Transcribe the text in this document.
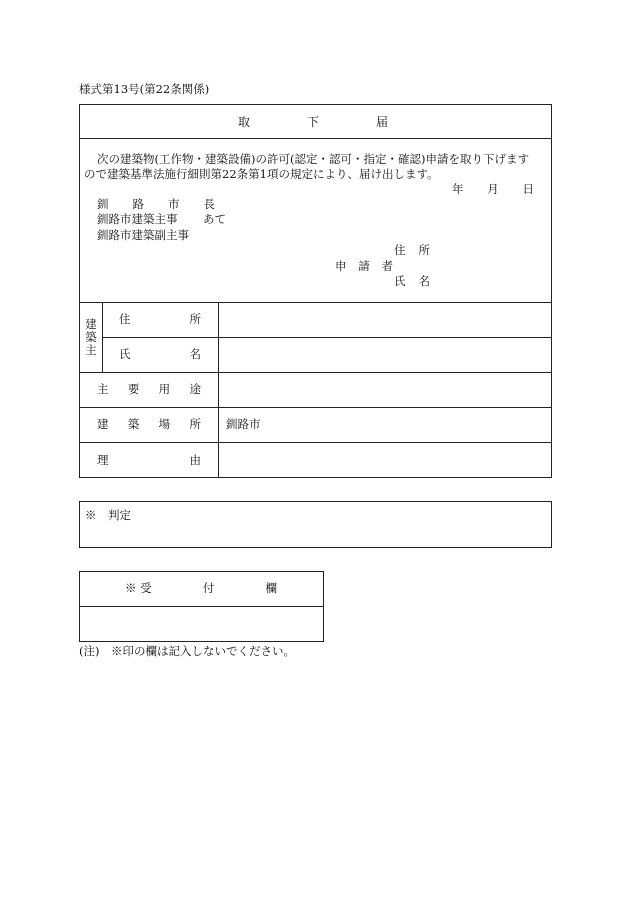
様式第13号(第22条関係)
取	下	届
次の建築物(工作物・建築設備)の許可(認定・認可・指定・確認)申請を取り下げます
ので建築基準法施行細則第22条第1項の規定により、届け出します。
年 月 日
釧 路 市 長
釧路市建築主事 あて
釧路市建築副主事
住 所
申 請 者
氏 名
建築主
住	所
氏	名
主 要 用 途
建 築 場 所 釧路市
理	由
※　判定
※ 受	付	欄
(注)　※印の欄は記入しないでください。
